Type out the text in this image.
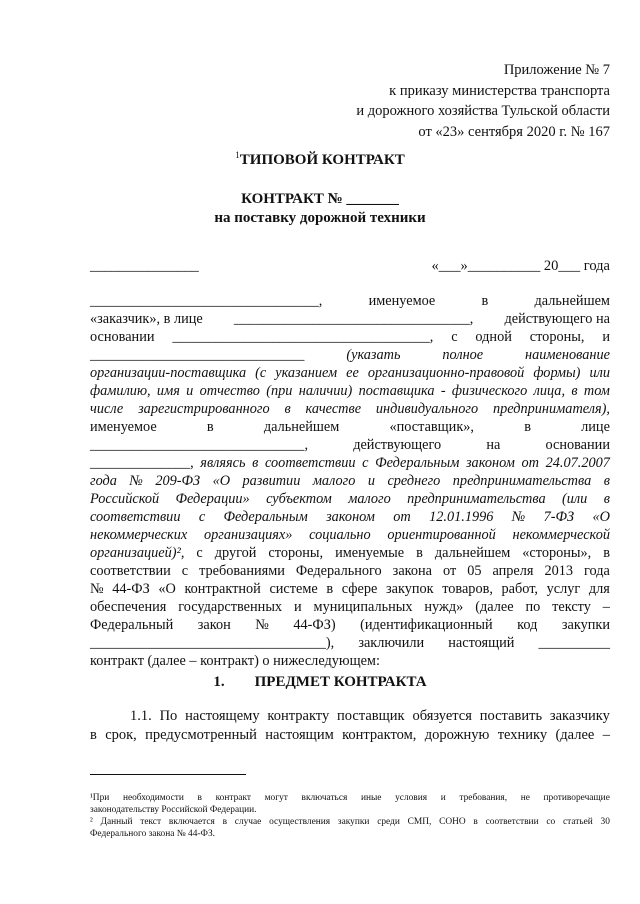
Приложение № 7
к приказу министерства транспорта
и дорожного хозяйства Тульской области
от «23» сентября 2020 г. № 167
$^1$ТИПОВОЙ КОНТРАКТ
КОНТРАКТ № _______
на поставку дорожной техники
_______________	«___»__________ 20___ года
________________________________,	именуемое	в	дальнейшем
«заказчик», в лице _________________________________, действующего на
основании ____________________________________, с одной стороны, и
______________________________	(указать	полное	наименование
организации-поставщика (с указанием ее организационно-правовой формы) или
фамилию, имя и отчество (при наличии) поставщика - физического лица, в том
числе зарегистрированного в качестве индивидуального предпринимателя),
именуемое	в	дальнейшем	«поставщик»,	в	лице
______________________________,	действующего	на	основании
______________, являясь в соответствии с Федеральным законом от 24.07.2007
года № 209-ФЗ «О развитии малого и среднего предпринимательства в
Российской Федерации» субъектом малого предпринимательства (или в
соответствии с Федеральным законом от 12.01.1996 № 7-ФЗ «О
некоммерческих организациях» социально ориентированной некоммерческой
организацией)², с другой стороны, именуемые в дальнейшем «стороны», в
соответствии с требованиями Федерального закона от 05 апреля 2013 года
№ 44-ФЗ «О контрактной системе в сфере закупок товаров, работ, услуг для
обеспечения государственных и муниципальных нужд» (далее по тексту –
Федеральный закон № 44-ФЗ) (идентификационный код закупки
_________________________________), заключили настоящий __________
контракт (далее – контракт) о нижеследующем:
1. ПРЕДМЕТ КОНТРАКТА
1.1. По настоящему контракту поставщик обязуется поставить заказчику
в срок, предусмотренный настоящим контрактом, дорожную технику (далее –
¹При необходимости в контракт могут включаться иные условия и требования, не противоречащие
законодательству Российской Федерации.
² Данный текст включается в случае осуществления закупки среди СМП, СОНО в соответствии со статьей 30
Федерального закона № 44-ФЗ.
